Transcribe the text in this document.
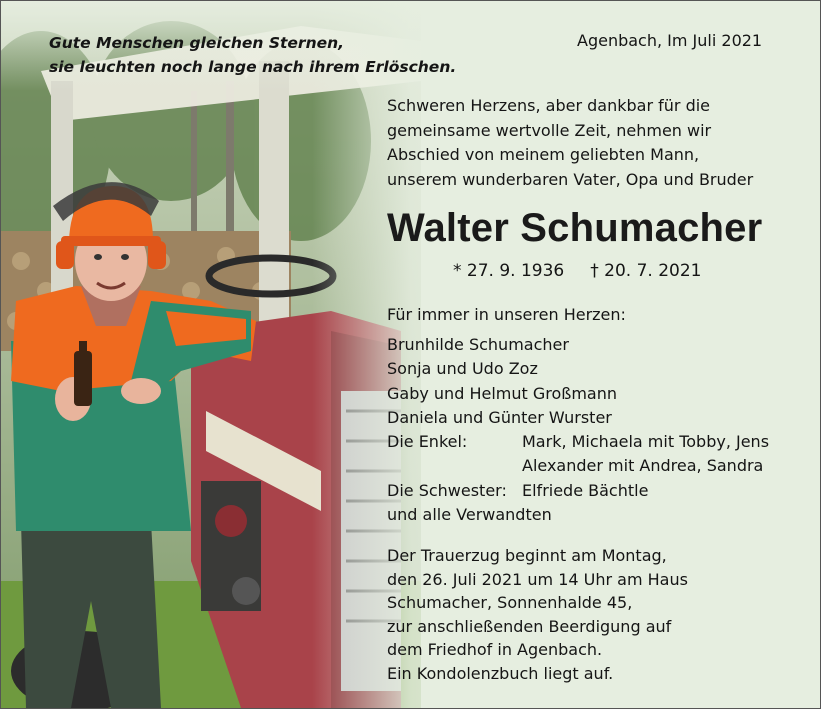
Gute Menschen gleichen Sternen,
sie leuchten noch lange nach ihrem Erlöschen.
Agenbach, Im Juli 2021
Schweren Herzens, aber dankbar für die
gemeinsame wertvolle Zeit, nehmen wir
Abschied von meinem geliebten Mann,
unserem wunderbaren Vater, Opa und Bruder
Walter Schumacher
* 27. 9. 1936 † 20. 7. 2021
Für immer in unseren Herzen:
Brunhilde Schumacher
Sonja und Udo Zoz
Gaby und Helmut Großmann
Daniela und Günter Wurster
Die Enkel:	Mark, Michaela mit Tobby, Jens
Alexander mit Andrea, Sandra
Die Schwester: Elfriede Bächtle
und alle Verwandten
Der Trauerzug beginnt am Montag,
den 26. Juli 2021 um 14 Uhr am Haus
Schumacher, Sonnenhalde 45,
zur anschließenden Beerdigung auf
dem Friedhof in Agenbach.
Ein Kondolenzbuch liegt auf.
